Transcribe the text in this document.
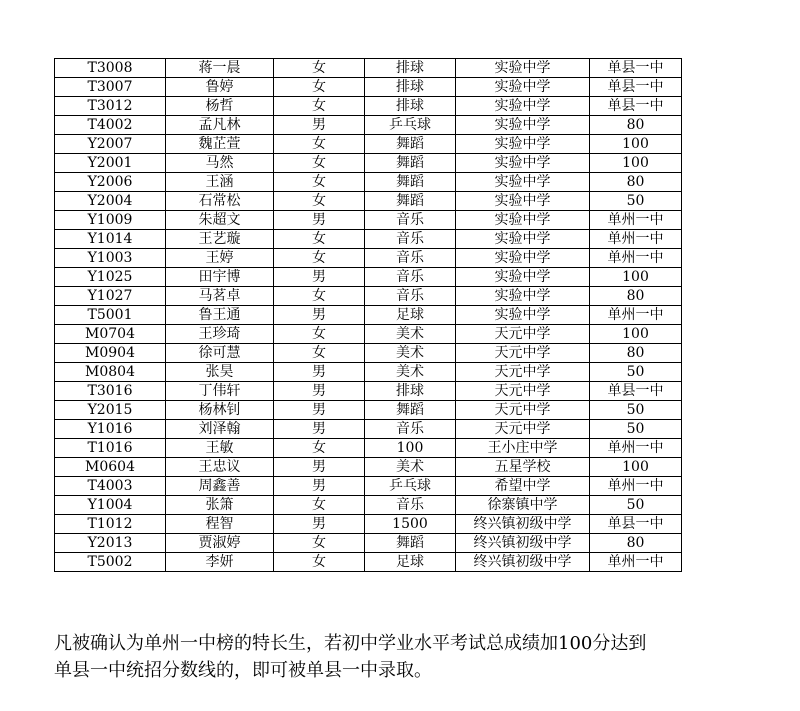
T3008	蒋一晨	女	排球	实验中学	单县一中
T3007	鲁婷	女	排球	实验中学	单县一中
T3012	杨哲	女	排球	实验中学	单县一中
T4002	孟凡林	男	乒乓球	实验中学	80
Y2007	魏芷萱	女	舞蹈	实验中学	100
Y2001	马然	女	舞蹈	实验中学	100
Y2006	王涵	女	舞蹈	实验中学	80
Y2004	石常松	女	舞蹈	实验中学	50
Y1009	朱超文	男	音乐	实验中学	单州一中
Y1014	王艺璇	女	音乐	实验中学	单州一中
Y1003	王婷	女	音乐	实验中学	单州一中
Y1025	田宇博	男	音乐	实验中学	100
Y1027	马茗卓	女	音乐	实验中学	80
T5001	鲁王通	男	足球	实验中学	单州一中
M0704	王珍琦	女	美术	天元中学	100
M0904	徐可慧	女	美术	天元中学	80
M0804	张昊	男	美术	天元中学	50
T3016	丁伟轩	男	排球	天元中学	单县一中
Y2015	杨林钊	男	舞蹈	天元中学	50
Y1016	刘泽翰	男	音乐	天元中学	50
T1016	王敏	女	100	王小庄中学	单州一中
M0604	王忠议	男	美术	五星学校	100
T4003	周鑫善	男	乒乓球	希望中学	单州一中
Y1004	张箫	女	音乐	徐寨镇中学	50
T1012	程智	男	1500	终兴镇初级中学	单县一中
Y2013	贾淑婷	女	舞蹈	终兴镇初级中学	80
T5002	李妍	女	足球	终兴镇初级中学	单州一中

凡被确认为单州一中榜的特长生，若初中学业水平考试总成绩加100分达到

单县一中统招分数线的，即可被单县一中录取。
